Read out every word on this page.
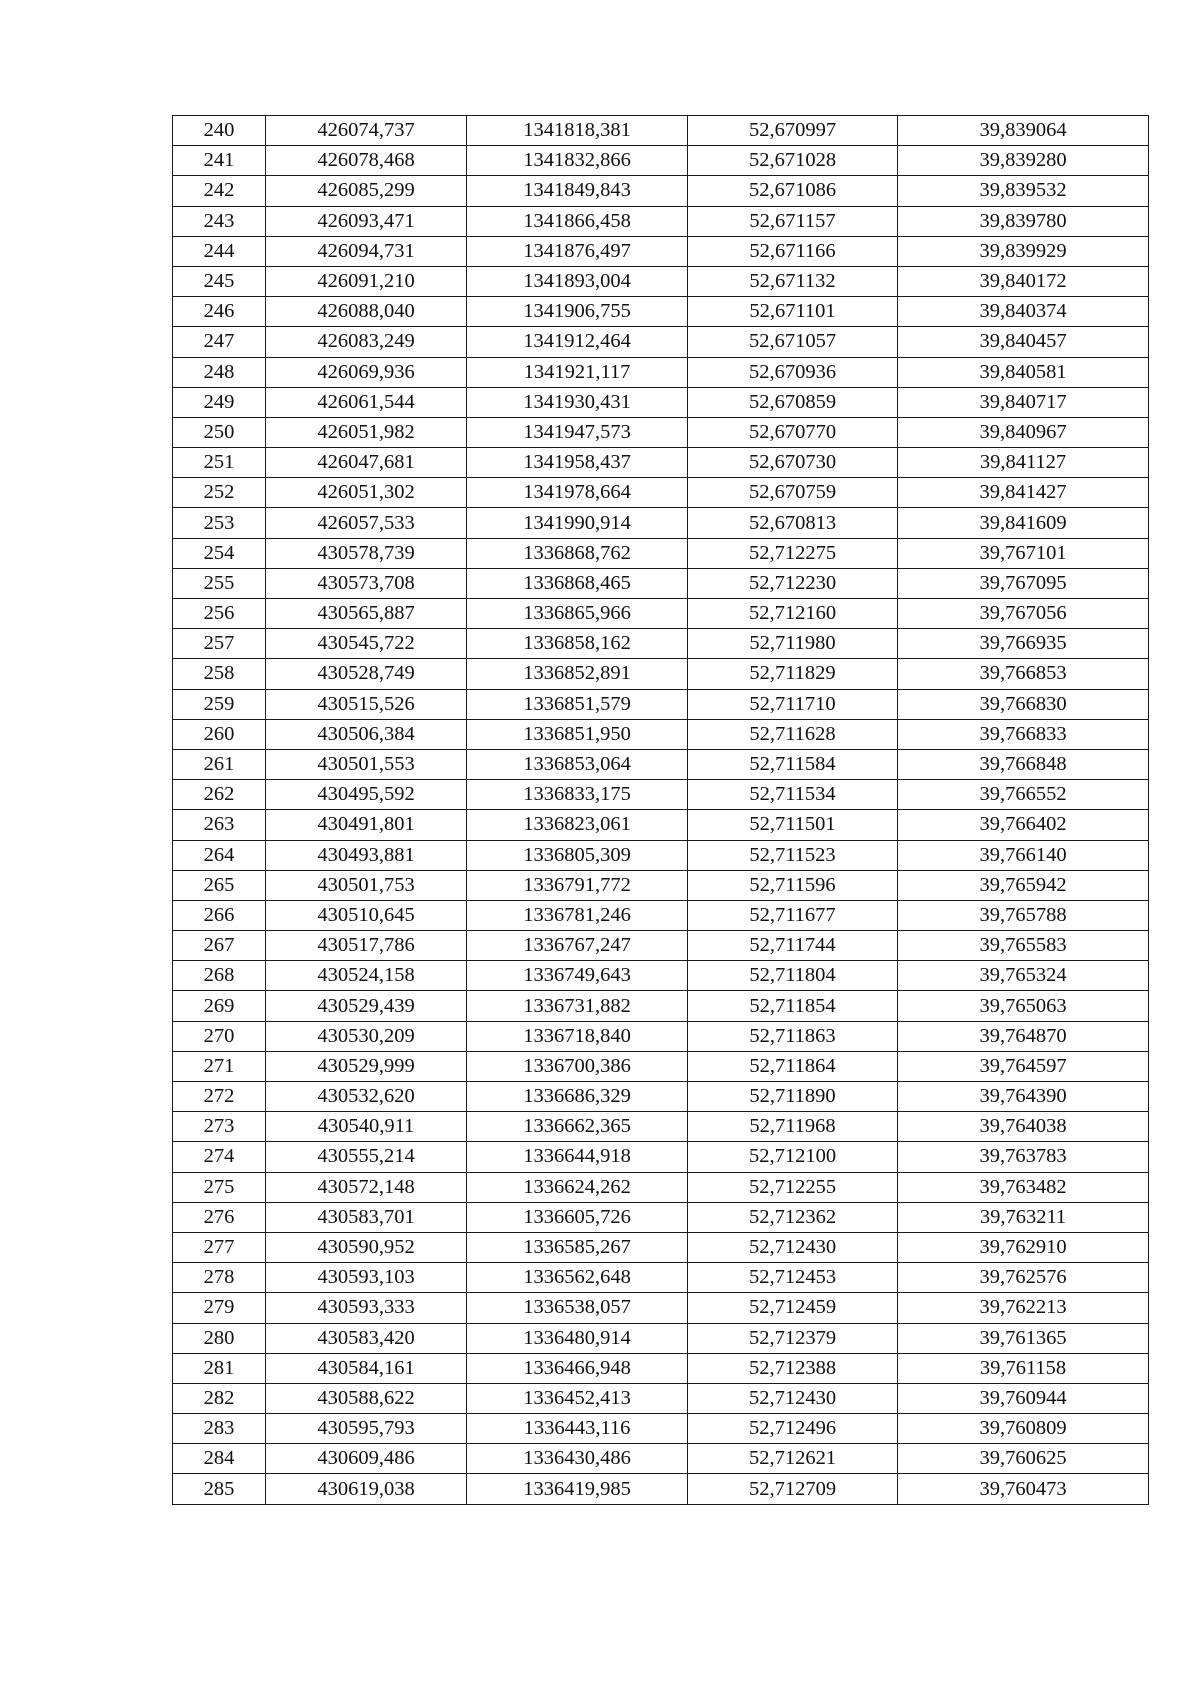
240	426074,737	1341818,381	52,670997	39,839064
241	426078,468	1341832,866	52,671028	39,839280
242	426085,299	1341849,843	52,671086	39,839532
243	426093,471	1341866,458	52,671157	39,839780
244	426094,731	1341876,497	52,671166	39,839929
245	426091,210	1341893,004	52,671132	39,840172
246	426088,040	1341906,755	52,671101	39,840374
247	426083,249	1341912,464	52,671057	39,840457
248	426069,936	1341921,117	52,670936	39,840581
249	426061,544	1341930,431	52,670859	39,840717
250	426051,982	1341947,573	52,670770	39,840967
251	426047,681	1341958,437	52,670730	39,841127
252	426051,302	1341978,664	52,670759	39,841427
253	426057,533	1341990,914	52,670813	39,841609
254	430578,739	1336868,762	52,712275	39,767101
255	430573,708	1336868,465	52,712230	39,767095
256	430565,887	1336865,966	52,712160	39,767056
257	430545,722	1336858,162	52,711980	39,766935
258	430528,749	1336852,891	52,711829	39,766853
259	430515,526	1336851,579	52,711710	39,766830
260	430506,384	1336851,950	52,711628	39,766833
261	430501,553	1336853,064	52,711584	39,766848
262	430495,592	1336833,175	52,711534	39,766552
263	430491,801	1336823,061	52,711501	39,766402
264	430493,881	1336805,309	52,711523	39,766140
265	430501,753	1336791,772	52,711596	39,765942
266	430510,645	1336781,246	52,711677	39,765788
267	430517,786	1336767,247	52,711744	39,765583
268	430524,158	1336749,643	52,711804	39,765324
269	430529,439	1336731,882	52,711854	39,765063
270	430530,209	1336718,840	52,711863	39,764870
271	430529,999	1336700,386	52,711864	39,764597
272	430532,620	1336686,329	52,711890	39,764390
273	430540,911	1336662,365	52,711968	39,764038
274	430555,214	1336644,918	52,712100	39,763783
275	430572,148	1336624,262	52,712255	39,763482
276	430583,701	1336605,726	52,712362	39,763211
277	430590,952	1336585,267	52,712430	39,762910
278	430593,103	1336562,648	52,712453	39,762576
279	430593,333	1336538,057	52,712459	39,762213
280	430583,420	1336480,914	52,712379	39,761365
281	430584,161	1336466,948	52,712388	39,761158
282	430588,622	1336452,413	52,712430	39,760944
283	430595,793	1336443,116	52,712496	39,760809
284	430609,486	1336430,486	52,712621	39,760625
285	430619,038	1336419,985	52,712709	39,760473
